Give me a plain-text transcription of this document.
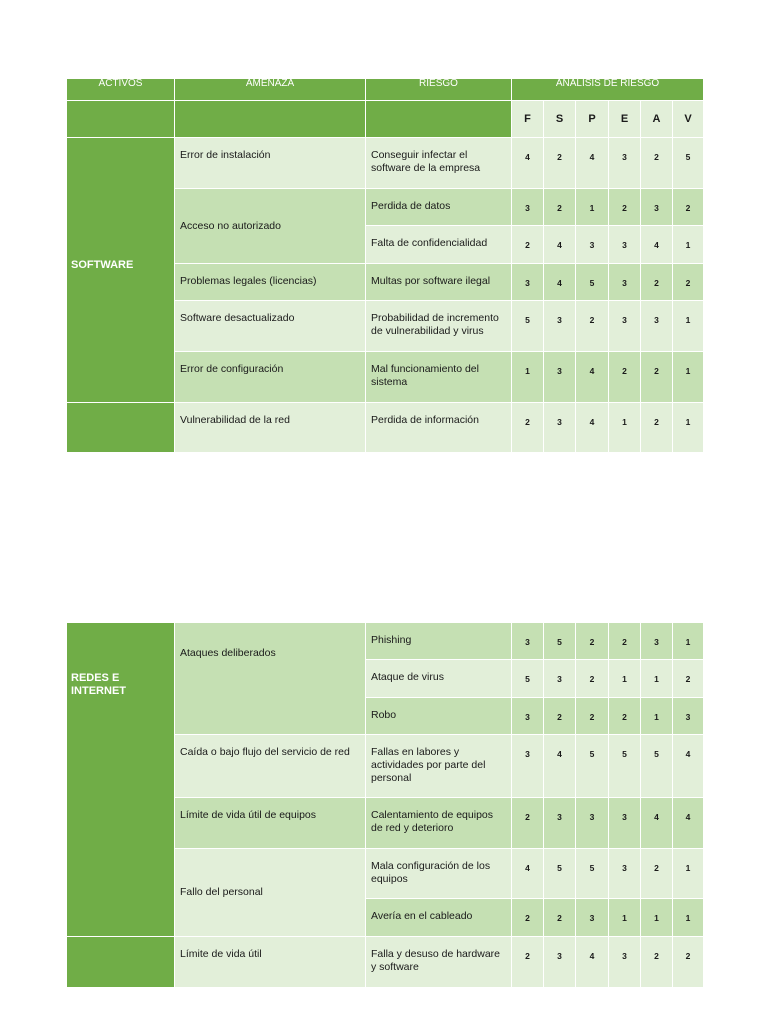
ACTIVOS	AMENAZA	RIESGO	ANÁLISIS DE RIESGO					
			F	S	P	E	A	V

SOFTWARE	Error de instalación	Conseguir infectar el software de la empresa	4	2	4	3	2	5
	Acceso no autorizado	Perdida de datos	3	2	1	2	3	2
		Falta de confidencialidad	2	4	3	3	4	1
	Problemas legales (licencias)	Multas por software ilegal	3	4	5	3	2	2
	Software desactualizado	Probabilidad de incremento de vulnerabilidad y virus	5	3	2	3	3	1
	Error de configuración	Mal funcionamiento del sistema	1	3	4	2	2	1
	Vulnerabilidad de la red	Perdida de información	2	3	4	1	2	1
REDES E INTERNET	Ataques deliberados	Phishing	3	5	2	2	3	1
		Ataque de virus	5	3	2	1	1	2
		Robo	3	2	2	2	1	3
	Caída o bajo flujo del servicio de red	Fallas en labores y actividades por parte del personal	3	4	5	5	5	4
	Límite de vida útil de equipos	Calentamiento de equipos de red y deterioro	2	3	3	3	4	4
	Fallo del personal	Mala configuración de los equipos	4	5	5	3	2	1
		Avería en el cableado	2	2	3	1	1	1
	Límite de vida útil	Falla y desuso de hardware y software	2	3	4	3	2	2
